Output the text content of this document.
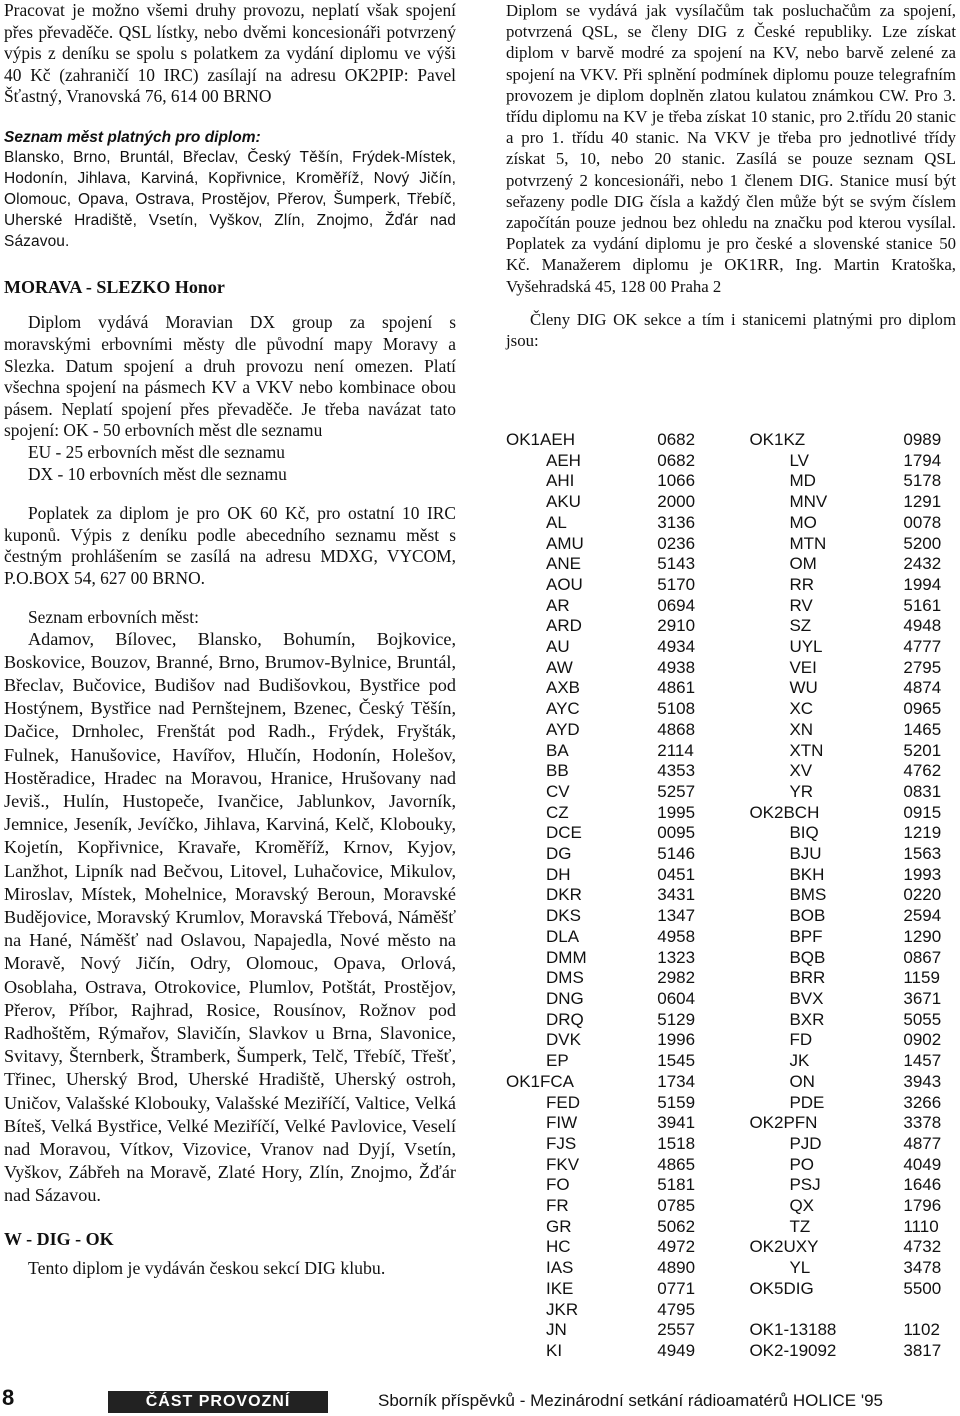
Pracovat je možno všemi druhy provozu, neplatí však spojení přes převaděče. QSL lístky, nebo dvěmi koncesionáři potvrzený výpis z deníku se spolu s polatkem za vydání diplomu ve výši 40 Kč (zahraničí 10 IRC) zasílají na adresu OK2PIP: Pavel Šťastný, Vranovská 76, 614 00 BRNO

Seznam měst platných pro diplom:

Blansko, Brno, Bruntál, Břeclav, Český Těšín, Frýdek-Místek, Hodonín, Jihlava, Karviná, Kopřivnice, Kroměříž, Nový Jičín, Olomouc, Opava, Ostrava, Prostějov, Přerov, Šumperk, Třebíč, Uherské Hradiště, Vsetín, Vyškov, Zlín, Znojmo, Žďár nad Sázavou.

MORAVA - SLEZKO Honor

Diplom vydává Moravian DX group za spojení s moravskými erbovními městy dle původní mapy Moravy a Slezka. Datum spojení a druh provozu není omezen. Platí všechna spojení na pásmech KV a VKV nebo kombinace obou pásem. Neplatí spojení přes převaděče. Je třeba navázat tato spojení: OK - 50 erbovních měst dle seznamu

EU - 25 erbovních měst dle seznamu

DX - 10 erbovních měst dle seznamu

Poplatek za diplom je pro OK 60 Kč, pro ostatní 10 IRC kuponů. Výpis z deníku podle abecedního seznamu měst s čestným prohlášením se zasílá na adresu MDXG, VYCOM, P.O.BOX 54, 627 00 BRNO.

Seznam erbovních měst:

Adamov, Bílovec, Blansko, Bohumín, Bojkovice, Boskovice, Bouzov, Branné, Brno, Brumov-Bylnice, Bruntál, Břeclav, Bučovice, Budišov nad Budišovkou, Bystřice pod Hostýnem, Bystřice nad Pernštejnem, Bzenec, Český Těšín, Dačice, Drnholec, Frenštát pod Radh., Frýdek, Fryšták, Fulnek, Hanušovice, Havířov, Hlučín, Hodonín, Holešov, Hostěradice, Hradec na Moravou, Hranice, Hrušovany nad Jeviš., Hulín, Hustopeče, Ivančice, Jablunkov, Javorník, Jemnice, Jeseník, Jevíčko, Jihlava, Karviná, Kelč, Klobouky, Kojetín, Kopřivnice, Kravaře, Kroměříž, Krnov, Kyjov, Lanžhot, Lipník nad Bečvou, Litovel, Luhačovice, Mikulov, Miroslav, Místek, Mohelnice, Moravský Beroun, Moravské Budějovice, Moravský Krumlov, Moravská Třebová, Náměšť na Hané, Náměšť nad Oslavou, Napajedla, Nové město na Moravě, Nový Jičín, Odry, Olomouc, Opava, Orlová, Osoblaha, Ostrava, Otrokovice, Plumlov, Potštát, Prostějov, Přerov, Příbor, Rajhrad, Rosice, Rousínov, Rožnov pod Radhoštěm, Rýmařov, Slavičín, Slavkov u Brna, Slavonice, Svitavy, Šternberk, Štramberk, Šumperk, Telč, Třebíč, Třešť, Třinec, Uherský Brod, Uherské Hradiště, Uherský ostroh, Uničov, Valašské Klobouky, Valašské Meziříčí, Valtice, Velká Bíteš, Velká Bystřice, Velké Meziříčí, Velké Pavlovice, Veselí nad Moravou, Vítkov, Vizovice, Vranov nad Dyjí, Vsetín, Vyškov, Zábřeh na Moravě, Zlaté Hory, Zlín, Znojmo, Žďár nad Sázavou.

W - DIG - OK

Tento diplom je vydáván českou sekcí DIG klubu.

Diplom se vydává jak vysílačům tak posluchačům za spojení, potvrzená QSL, se členy DIG z České republiky. Lze získat diplom v barvě modré za spojení na KV, nebo barvě zelené za spojení na VKV. Při splnění podmínek diplomu pouze telegrafním provozem je diplom doplněn zlatou kulatou známkou CW. Pro 3. třídu diplomu na KV je třeba získat 10 stanic, pro 2.třídu 20 stanic a pro 1. třídu 40 stanic. Na VKV je třeba pro jednotlivé třídy získat 5, 10, nebo 20 stanic. Zasílá se pouze seznam QSL potvrzený 2 koncesionáři, nebo 1 členem DIG. Stanice musí být seřazeny podle DIG čísla a každý člen může být se svým číslem započítán pouze jednou bez ohledu na značku pod kterou vysílal. Poplatek za vydání diplomu je pro české a slovenské stanice 50 Kč. Manažerem diplomu je OK1RR, Ing. Martin Kratoška, Vyšehradská 45, 128 00 Praha 2

Členy DIG OK sekce a tím i stanicemi platnými pro diplom jsou:

OK1AEH	0682	OK1KZ	0989
AEH	0682	LV	1794
AHI	1066	MD	5178
AKU	2000	MNV	1291
AL	3136	MO	0078
AMU	0236	MTN	5200
ANE	5143	OM	2432
AOU	5170	RR	1994
AR	0694	RV	5161
ARD	2910	SZ	4948
AU	4934	UYL	4777
AW	4938	VEI	2795
AXB	4861	WU	4874
AYC	5108	XC	0965
AYD	4868	XN	1465
BA	2114	XTN	5201
BB	4353	XV	4762
CV	5257	YR	0831
CZ	1995	OK2BCH	0915
DCE	0095	BIQ	1219
DG	5146	BJU	1563
DH	0451	BKH	1993
DKR	3431	BMS	0220
DKS	1347	BOB	2594
DLA	4958	BPF	1290
DMM	1323	BQB	0867
DMS	2982	BRR	1159
DNG	0604	BVX	3671
DRQ	5129	BXR	5055
DVK	1996	FD	0902
EP	1545	JK	1457
OK1FCA	1734	ON	3943
FED	5159	PDE	3266
FIW	3941	OK2PFN	3378
FJS	1518	PJD	4877
FKV	4865	PO	4049
FO	5181	PSJ	1646
FR	0785	QX	1796
GR	5062	TZ	1110
HC	4972	OK2UXY	4732
IAS	4890	YL	3478
IKE	0771	OK5DIG	5500
JKR	4795		
JN	2557	OK1-13188	1102
KI	4949	OK2-19092	3817
8	ČÁST PROVOZNÍ	Sborník příspěvků - Mezinárodní setkání rádioamatérů HOLICE '95
